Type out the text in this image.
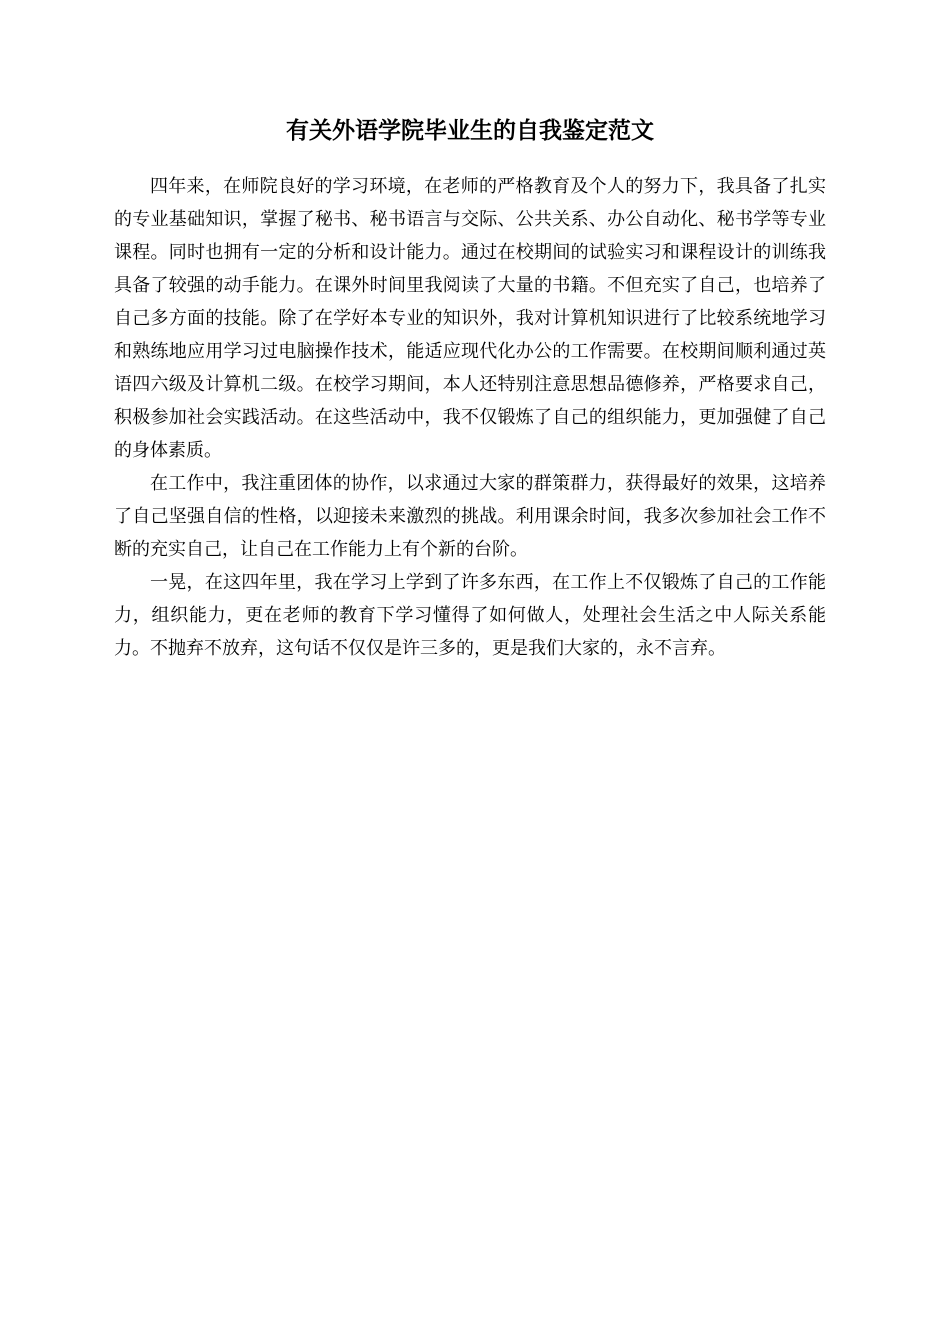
有关外语学院毕业生的自我鉴定范文

四年来，在师院良好的学习环境，在老师的严格教育及个人的努力下，我具备了扎实的专业基础知识，掌握了秘书、秘书语言与交际、公共关系、办公自动化、秘书学等专业课程。同时也拥有一定的分析和设计能力。通过在校期间的试验实习和课程设计的训练我具备了较强的动手能力。在课外时间里我阅读了大量的书籍。不但充实了自己，也培养了自己多方面的技能。除了在学好本专业的知识外，我对计算机知识进行了比较系统地学习和熟练地应用学习过电脑操作技术，能适应现代化办公的工作需要。在校期间顺利通过英语四六级及计算机二级。在校学习期间，本人还特别注意思想品德修养，严格要求自己，积极参加社会实践活动。在这些活动中，我不仅锻炼了自己的组织能力，更加强健了自己的身体素质。

在工作中，我注重团体的协作，以求通过大家的群策群力，获得最好的效果，这培养了自己坚强自信的性格，以迎接未来激烈的挑战。利用课余时间，我多次参加社会工作不断的充实自己，让自己在工作能力上有个新的台阶。

一晃，在这四年里，我在学习上学到了许多东西，在工作上不仅锻炼了自己的工作能力，组织能力，更在老师的教育下学习懂得了如何做人，处理社会生活之中人际关系能力。不抛弃不放弃，这句话不仅仅是许三多的，更是我们大家的，永不言弃。
